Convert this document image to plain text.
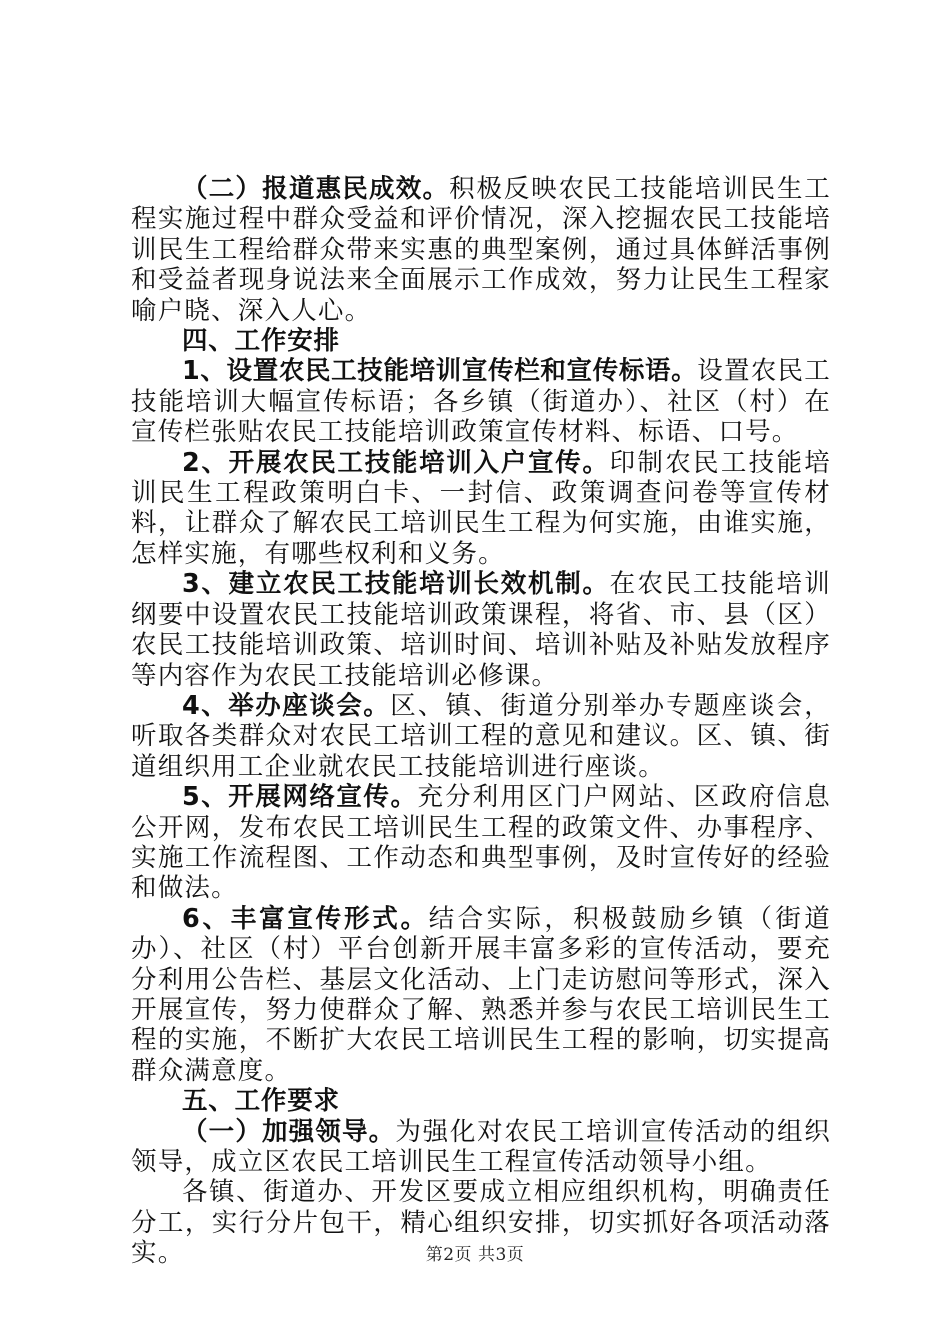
（二）报道惠民成效。积极反映农民工技能培训民生工程实施过程中群众受益和评价情况，深入挖掘农民工技能培训民生工程给群众带来实惠的典型案例，通过具体鲜活事例和受益者现身说法来全面展示工作成效，努力让民生工程家喻户晓、深入人心。

四、工作安排

1、设置农民工技能培训宣传栏和宣传标语。设置农民工技能培训大幅宣传标语；各乡镇（街道办）、社区（村）在宣传栏张贴农民工技能培训政策宣传材料、标语、口号。

2、开展农民工技能培训入户宣传。印制农民工技能培训民生工程政策明白卡、一封信、政策调查问卷等宣传材料，让群众了解农民工培训民生工程为何实施，由谁实施，怎样实施，有哪些权利和义务。

3、建立农民工技能培训长效机制。在农民工技能培训纲要中设置农民工技能培训政策课程，将省、市、县（区）农民工技能培训政策、培训时间、培训补贴及补贴发放程序等内容作为农民工技能培训必修课。

4、举办座谈会。区、镇、街道分别举办专题座谈会，听取各类群众对农民工培训工程的意见和建议。区、镇、街道组织用工企业就农民工技能培训进行座谈。

5、开展网络宣传。充分利用区门户网站、区政府信息公开网，发布农民工培训民生工程的政策文件、办事程序、实施工作流程图、工作动态和典型事例，及时宣传好的经验和做法。

6、丰富宣传形式。结合实际，积极鼓励乡镇（街道办）、社区（村）平台创新开展丰富多彩的宣传活动，要充分利用公告栏、基层文化活动、上门走访慰问等形式，深入开展宣传，努力使群众了解、熟悉并参与农民工培训民生工程的实施，不断扩大农民工培训民生工程的影响，切实提高群众满意度。

五、工作要求

（一）加强领导。为强化对农民工培训宣传活动的组织领导，成立区农民工培训民生工程宣传活动领导小组。

各镇、街道办、开发区要成立相应组织机构，明确责任分工，实行分片包干，精心组织安排，切实抓好各项活动落实。	第2页 共3页
